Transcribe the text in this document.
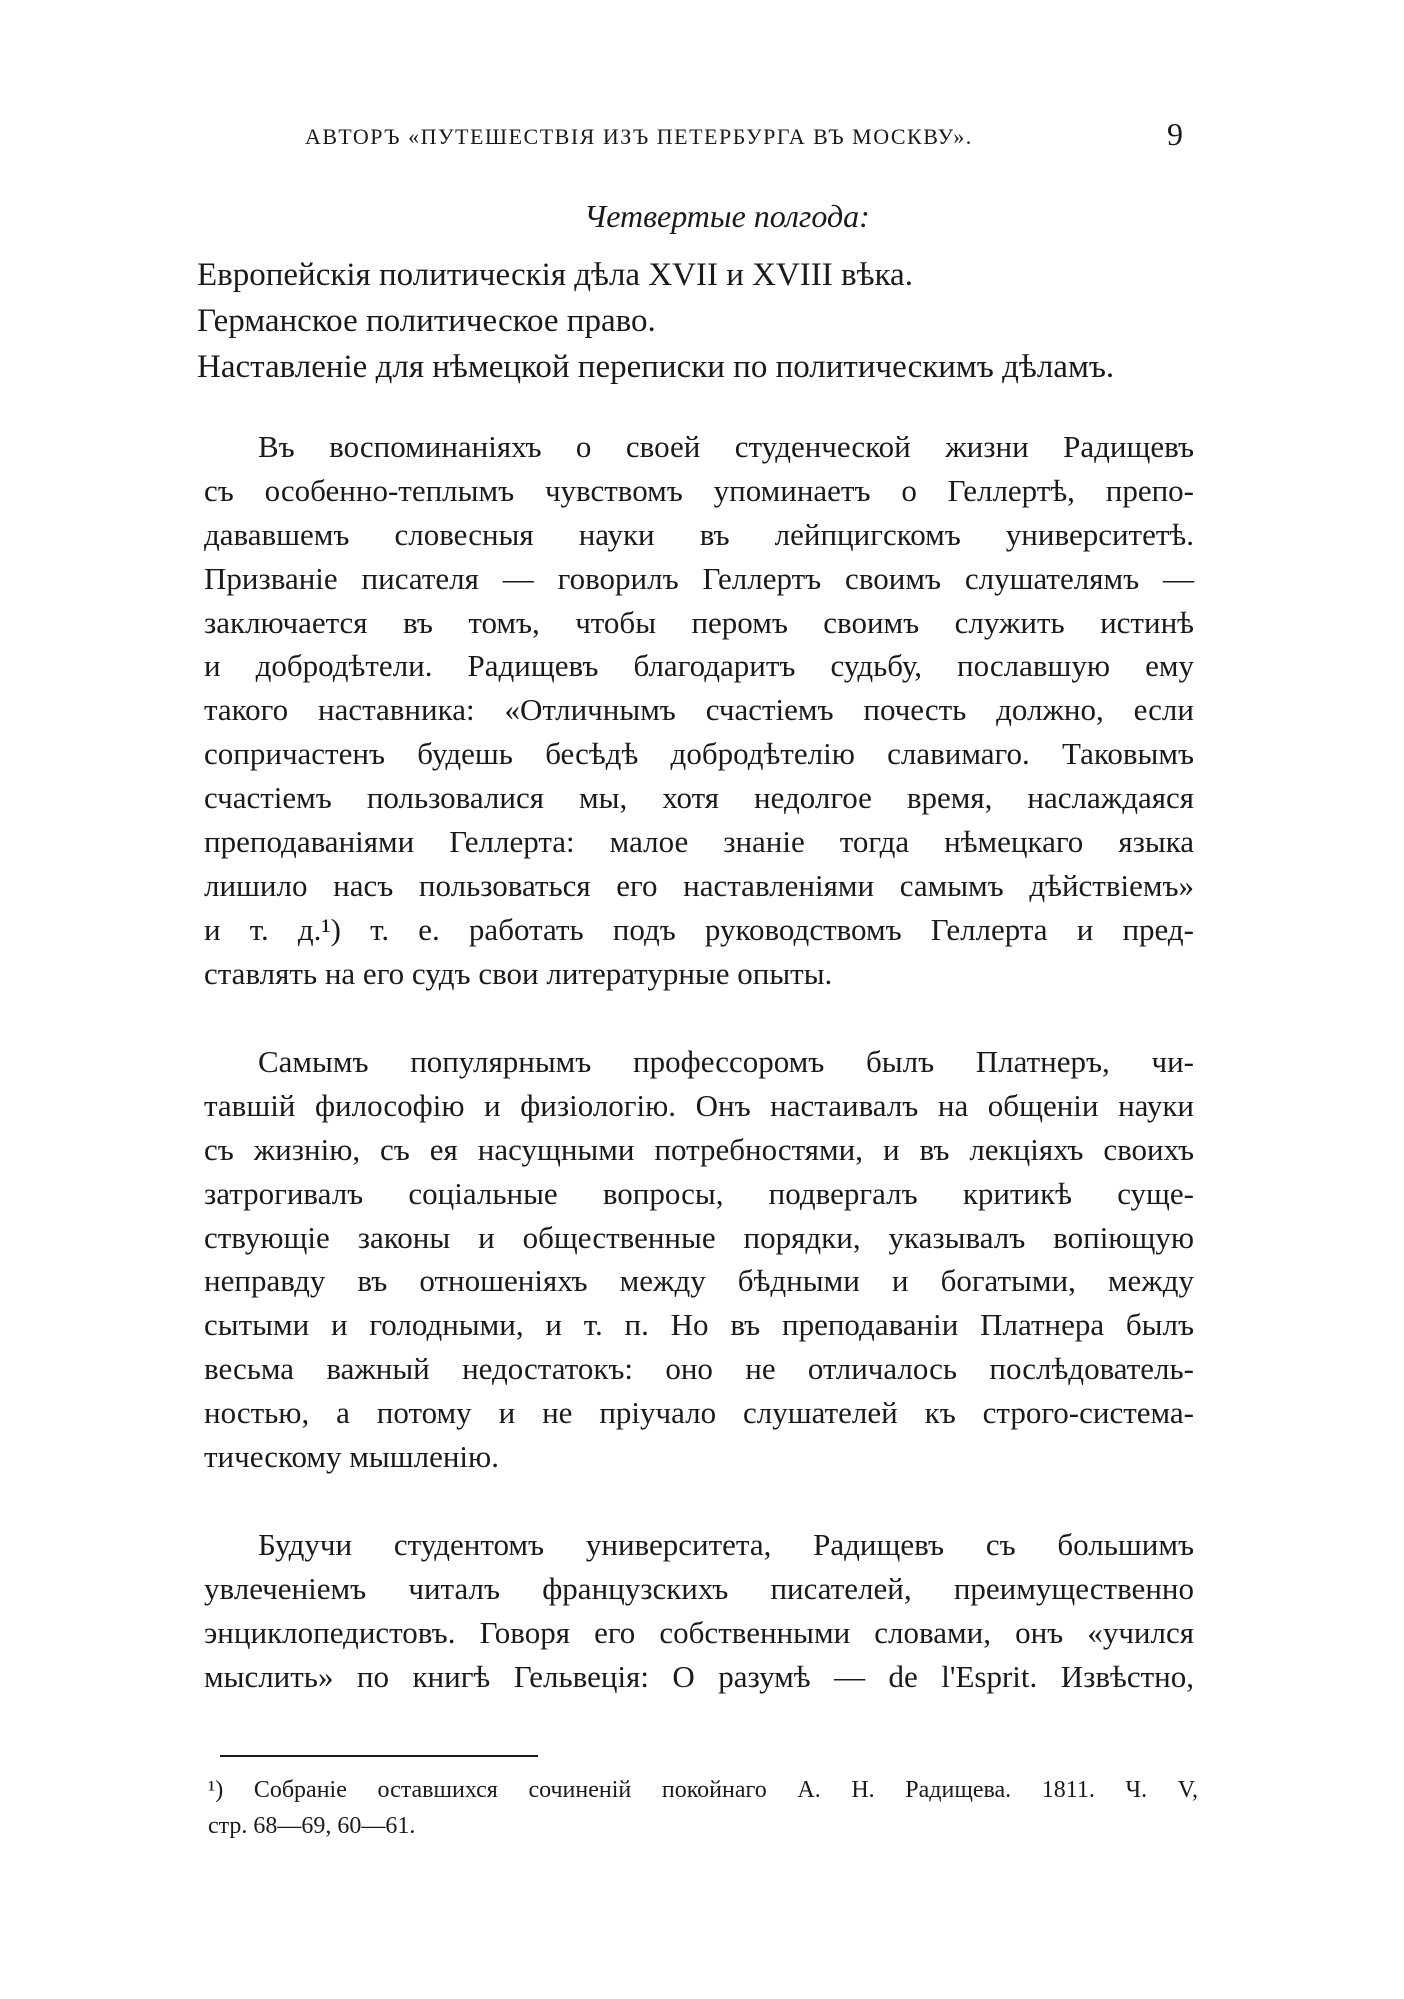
АВТОРЪ «ПУТЕШЕСТВІЯ ИЗЪ ПЕТЕРБУРГА ВЪ МОСКВУ».	9
Четвертые полгода:
Европейскія политическія дѣла XVII и XVIII вѣка.
Германское политическое право.
Наставленіе для нѣмецкой переписки по политическимъ дѣламъ.
Въ воспоминаніяхъ о своей студенческой жизни Радищевъ
съ особенно-теплымъ чувствомъ упоминаетъ о Геллертѣ, препо-
дававшемъ словесныя науки въ лейпцигскомъ университетѣ.
Призваніе писателя — говорилъ Геллертъ своимъ слушателямъ —
заключается въ томъ, чтобы перомъ своимъ служить истинѣ
и добродѣтели. Радищевъ благодаритъ судьбу, пославшую ему
такого наставника: «Отличнымъ счастіемъ почесть должно, если
сопричастенъ будешь бесѣдѣ добродѣтелію славимаго. Таковымъ
счастіемъ пользовалися мы, хотя недолгое время, наслаждаяся
преподаваніями Геллерта: малое знаніе тогда нѣмецкаго языка
лишило насъ пользоваться его наставленіями самымъ дѣйствіемъ»
и т. д.¹) т. е. работать подъ руководствомъ Геллерта и пред-
ставлять на его судъ свои литературные опыты.
Самымъ популярнымъ профессоромъ былъ Платнеръ, чи-
тавшій философію и физіологію. Онъ настаивалъ на общеніи науки
съ жизнію, съ ея насущными потребностями, и въ лекціяхъ своихъ
затрогивалъ соціальные вопросы, подвергалъ критикѣ суще-
ствующіе законы и общественные порядки, указывалъ вопіющую
неправду въ отношеніяхъ между бѣдными и богатыми, между
сытыми и голодными, и т. п. Но въ преподаваніи Платнера былъ
весьма важный недостатокъ: оно не отличалось послѣдователь-
ностью, а потому и не пріучало слушателей къ строго-система-
тическому мышленію.
Будучи студентомъ университета, Радищевъ съ большимъ
увлеченіемъ читалъ французскихъ писателей, преимущественно
энциклопедистовъ. Говоря его собственными словами, онъ «учился
мыслить» по книгѣ Гельвеція: О разумѣ — de l'Esprit. Извѣстно,
¹) Собраніе оставшихся сочиненій покойнаго А. Н. Радищева. 1811. Ч. V,
стр. 68—69, 60—61.
